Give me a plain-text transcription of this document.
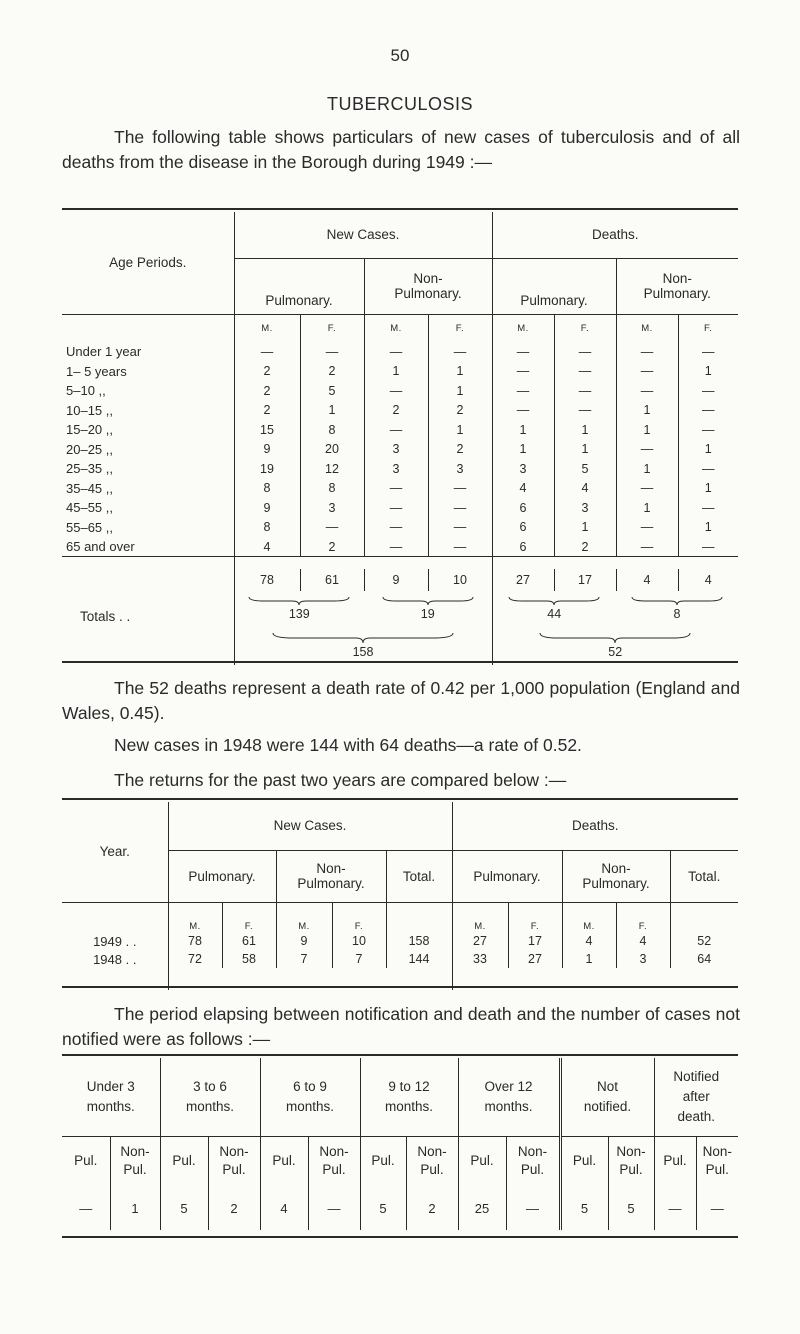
50
TUBERCULOSIS
The following table shows particulars of new cases of tuberculosis and of all deaths from the disease in the Borough during 1949 :—
Age Periods.	New Cases.				Deaths.			
	Pulmonary.		Non- Pulmonary.		Pulmonary.		Non- Pulmonary.	
	M.	F.	M.	F.	M.	F.	M.	F.
Under 1 year	—	—	—	—	—	—	—	—
1– 5 years	2	2	1	1	—	—	—	1
5–10 ,,	2	5	—	1	—	—	—	—
10–15 ,,	2	1	2	2	—	—	1	—
15–20 ,,	15	8	—	1	1	1	1	—
20–25 ,,	9	20	3	2	1	1	—	1
25–35 ,,	19	12	3	3	3	5	1	—
35–45 ,,	8	8	—	—	4	4	—	1
45–55 ,,	9	3	—	—	6	3	1	—
55–65 ,,	8	—	—	—	6	1	—	1
65 and over	4	2	—	—	6	2	—	—

Totals . .	78	61	9	10	27	17	4	4

139		19		44		8	

158				52			
The 52 deaths represent a death rate of 0.42 per 1,000 population (England and Wales, 0.45).
New cases in 1948 were 144 with 64 deaths—a rate of 0.52.
The returns for the past two years are compared below :—
Year.	New Cases.					Deaths.				
	Pulmonary.		Non- Pulmonary.		Total.	Pulmonary.		Non- Pulmonary.		Total.
	M.	F.	M.	F.		M.	F.	M.	F.	
1949 . .	78	61	9	10	158	27	17	4	4	52
1948 . .	72	58	7	7	144	33	27	1	3	64

The period elapsing between notification and death and the number of cases not notified were as follows :—
Under 3 months.		3 to 6 months.		6 to 9 months.		9 to 12 months.		Over 12 months.		Not notified.		Notified after death.	
Pul.	Non- Pul.	Pul.	Non- Pul.	Pul.	Non- Pul.	Pul.	Non- Pul.	Pul.	Non- Pul.	Pul.	Non- Pul.	Pul.	Non- Pul.
—	1	5	2	4	—	5	2	25	—	5	5	—	—
